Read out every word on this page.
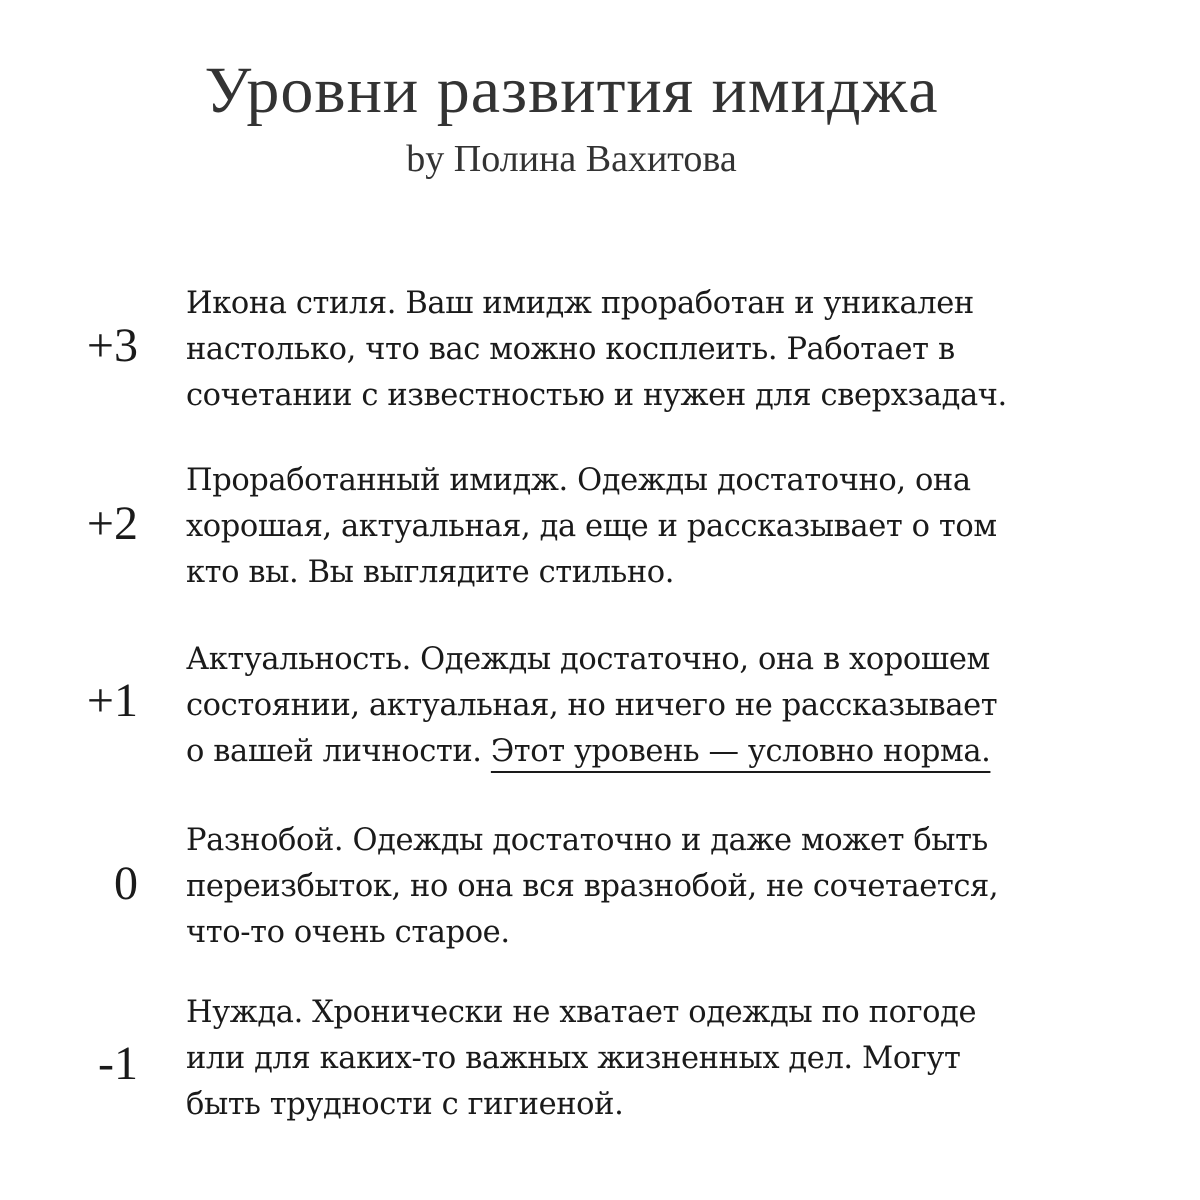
Уровни развития имиджа
by Полина Вахитова
+3
Икона стиля. Ваш имидж проработан и уникален
настолько, что вас можно косплеить. Работает в
сочетании с известностью и нужен для сверхзадач.
+2
Проработанный имидж. Одежды достаточно, она
хорошая, актуальная, да еще и рассказывает о том
кто вы. Вы выглядите стильно.
+1
Актуальность. Одежды достаточно, она в хорошем
состоянии, актуальная, но ничего не рассказывает
о вашей личности. Этот уровень — условно норма.
0
Разнобой. Одежды достаточно и даже может быть
переизбыток, но она вся вразнобой, не сочетается,
что-то очень старое.
-1
Нужда. Хронически не хватает одежды по погоде
или для каких-то важных жизненных дел. Могут
быть трудности с гигиеной.
